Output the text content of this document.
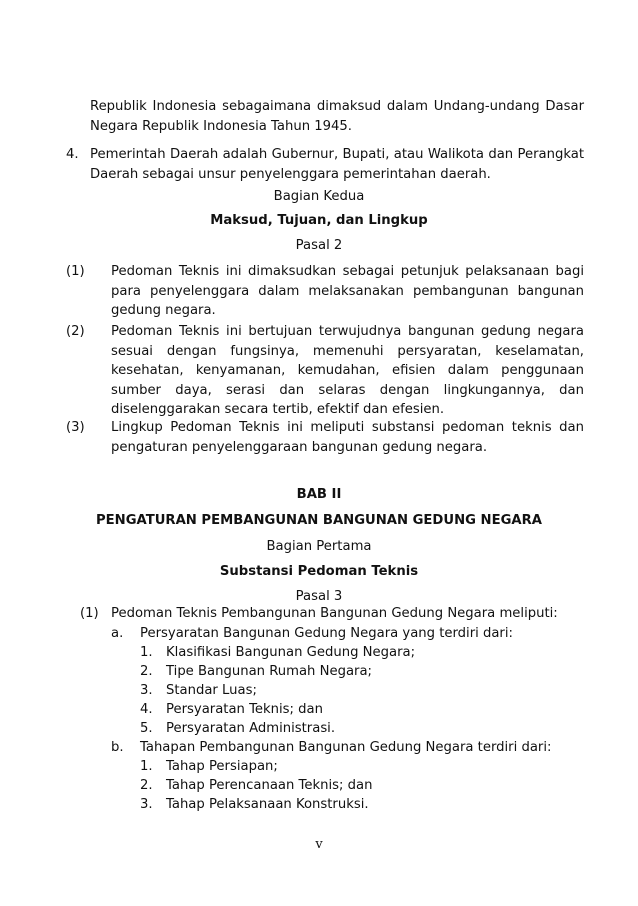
Republik Indonesia sebagaimana dimaksud dalam Undang-undang Dasar Negara Republik Indonesia Tahun 1945.
4. Pemerintah Daerah adalah Gubernur, Bupati, atau Walikota dan Perangkat Daerah sebagai unsur penyelenggara pemerintahan daerah.
Bagian Kedua
Maksud, Tujuan, dan Lingkup
Pasal 2
(1) Pedoman Teknis ini dimaksudkan sebagai petunjuk pelaksanaan bagi para penyelenggara dalam melaksanakan pembangunan bangunan gedung negara.
(2) Pedoman Teknis ini bertujuan terwujudnya bangunan gedung negara sesuai dengan fungsinya, memenuhi persyaratan, keselamatan, kesehatan, kenyamanan, kemudahan, efisien dalam penggunaan sumber daya, serasi dan selaras dengan lingkungannya, dan diselenggarakan secara tertib, efektif dan efesien.
(3) Lingkup Pedoman Teknis ini meliputi substansi pedoman teknis dan pengaturan penyelenggaraan bangunan gedung negara.
BAB II
PENGATURAN PEMBANGUNAN BANGUNAN GEDUNG NEGARA
Bagian Pertama
Substansi Pedoman Teknis
Pasal 3
(1) Pedoman Teknis Pembangunan Bangunan Gedung Negara meliputi:
a. Persyaratan Bangunan Gedung Negara yang terdiri dari:
1. Klasifikasi Bangunan Gedung Negara;
2. Tipe Bangunan Rumah Negara;
3. Standar Luas;
4. Persyaratan Teknis; dan
5. Persyaratan Administrasi.
b. Tahapan Pembangunan Bangunan Gedung Negara terdiri dari:
1. Tahap Persiapan;
2. Tahap Perencanaan Teknis; dan
3. Tahap Pelaksanaan Konstruksi.
v
